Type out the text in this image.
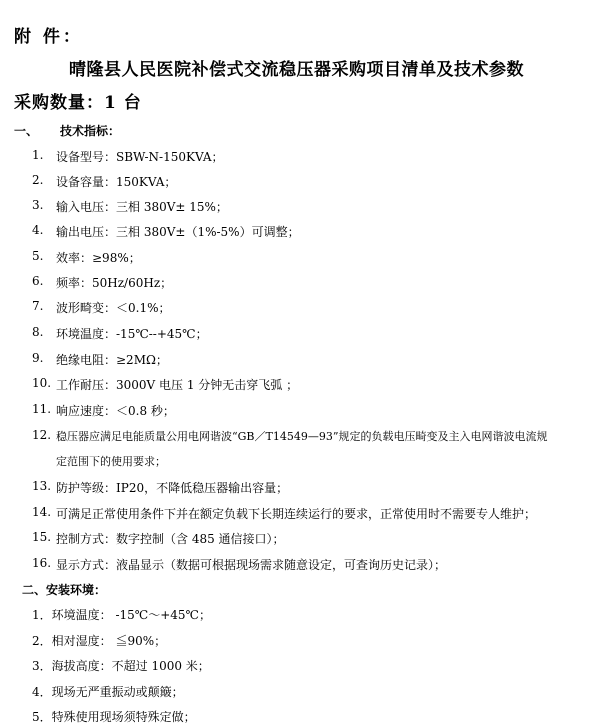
附 件：
晴隆县人民医院补偿式交流稳压器采购项目清单及技术参数
采购数量：1 台
一、 技术指标：
1. 设备型号：SBW-N-150KVA；
2. 设备容量：150KVA；
3. 输入电压：三相 380V± 15%；
4. 输出电压：三相 380V±（1%-5%）可调整；
5. 效率：≥98%；
6. 频率：50Hz/60Hz；
7. 波形畸变：＜0.1%；
8. 环境温度：-15℃--+45℃；
9. 绝缘电阻：≥2MΩ；
10. 工作耐压：3000V 电压 1 分钟无击穿飞弧 ；
11. 响应速度：＜0.8 秒；
12. 稳压器应满足电能质量公用电网谐波“GB／T14549—93”规定的负载电压畸变及主入电网谐波电流规
定范围下的使用要求；
13. 防护等级：IP20，不降低稳压器输出容量；
14. 可满足正常使用条件下并在额定负载下长期连续运行的要求，正常使用时不需要专人维护；
15. 控制方式：数字控制（含 485 通信接口）；
16. 显示方式：液晶显示（数据可根据现场需求随意设定，可查询历史记录）；
二、安装环境：
1．环境温度： -15℃～+45℃；
2．相对湿度： ≦90%；
3．海拔高度：不超过 1000 米；
4．现场无严重振动或颠簸；
5．特殊使用现场须特殊定做；
